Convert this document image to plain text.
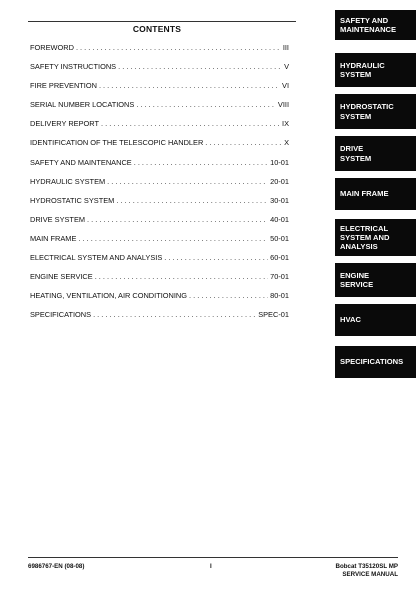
CONTENTS
FOREWORD . . .	III
SAFETY INSTRUCTIONS . . .	V
FIRE PREVENTION . . .	VI
SERIAL NUMBER LOCATIONS . . .	VIII
DELIVERY REPORT . . .	IX
IDENTIFICATION OF THE TELESCOPIC HANDLER . . .	X
SAFETY AND MAINTENANCE . . .	10-01
HYDRAULIC SYSTEM . . .	20-01
HYDROSTATIC SYSTEM . . .	30-01
DRIVE SYSTEM . . .	40-01
MAIN FRAME . . .	50-01
ELECTRICAL SYSTEM AND ANALYSIS . . .	60-01
ENGINE SERVICE . . .	70-01
HEATING, VENTILATION, AIR CONDITIONING . . .	80-01
SPECIFICATIONS . . .	SPEC-01
SAFETY AND
MAINTENANCE
HYDRAULIC
SYSTEM
HYDROSTATIC
SYSTEM
DRIVE
SYSTEM
MAIN FRAME
ELECTRICAL
SYSTEM AND
ANALYSIS
ENGINE
SERVICE
HVAC
SPECIFICATIONS
6986767-EN (08-08)	I	Bobcat T35120SL MP
SERVICE MANUAL
